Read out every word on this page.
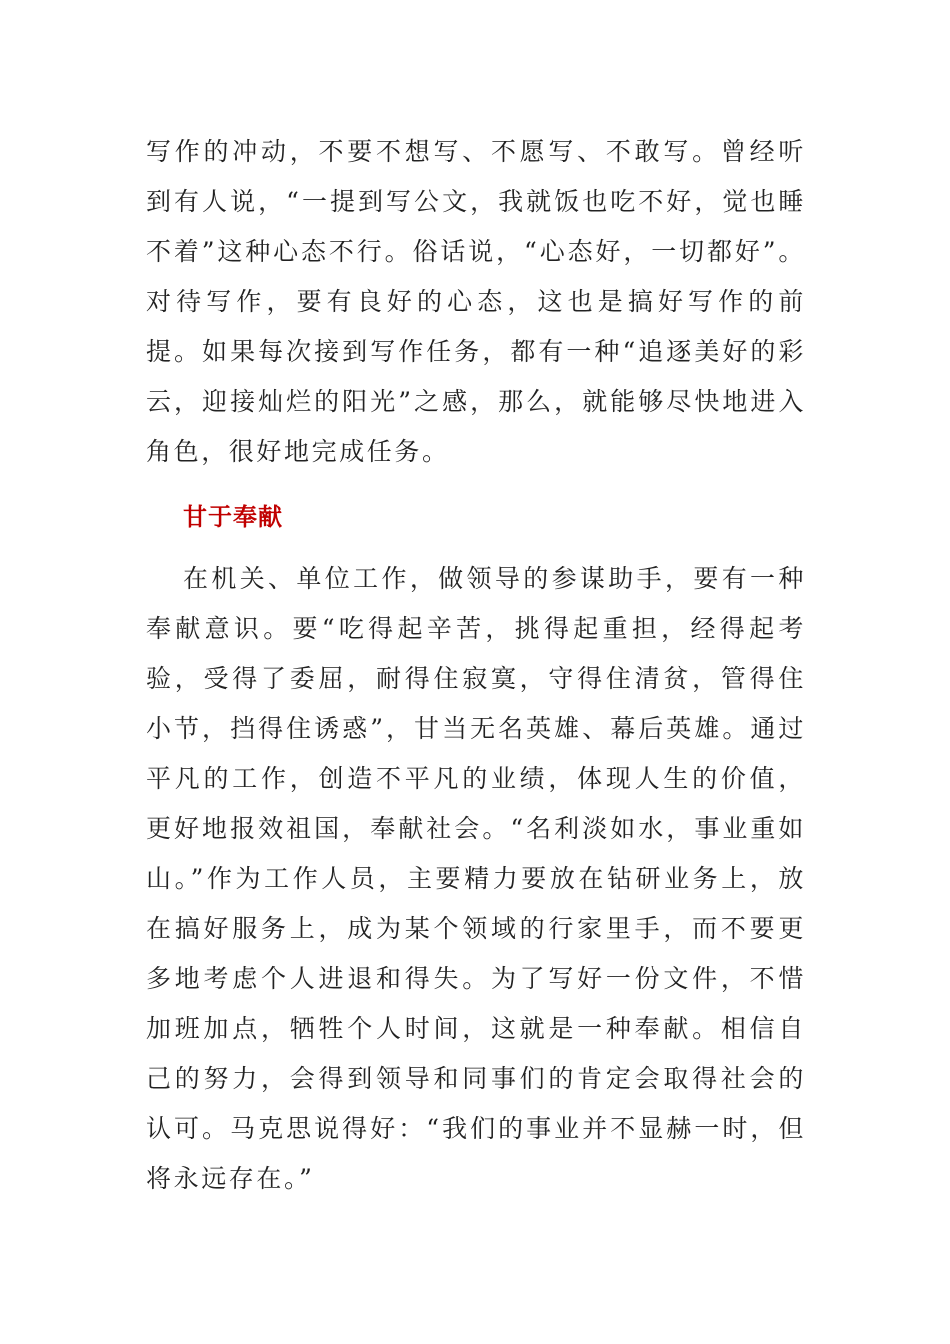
写作的冲动，不要不想写、不愿写、不敢写。曾经听到有人说，“一提到写公文，我就饭也吃不好，觉也睡不着”这种心态不行。俗话说，“心态好，一切都好”。对待写作，要有良好的心态，这也是搞好写作的前提。如果每次接到写作任务，都有一种“追逐美好的彩云，迎接灿烂的阳光”之感，那么，就能够尽快地进入角色，很好地完成任务。

甘于奉献

在机关、单位工作，做领导的参谋助手，要有一种奉献意识。要“吃得起辛苦，挑得起重担，经得起考验，受得了委屈，耐得住寂寞，守得住清贫，管得住小节，挡得住诱惑”，甘当无名英雄、幕后英雄。通过平凡的工作，创造不平凡的业绩，体现人生的价值，更好地报效祖国，奉献社会。“名利淡如水，事业重如山。”作为工作人员，主要精力要放在钻研业务上，放在搞好服务上，成为某个领域的行家里手，而不要更多地考虑个人进退和得失。为了写好一份文件，不惜加班加点，牺牲个人时间，这就是一种奉献。相信自己的努力，会得到领导和同事们的肯定会取得社会的认可。马克思说得好：“我们的事业并不显赫一时，但将永远存在。”
